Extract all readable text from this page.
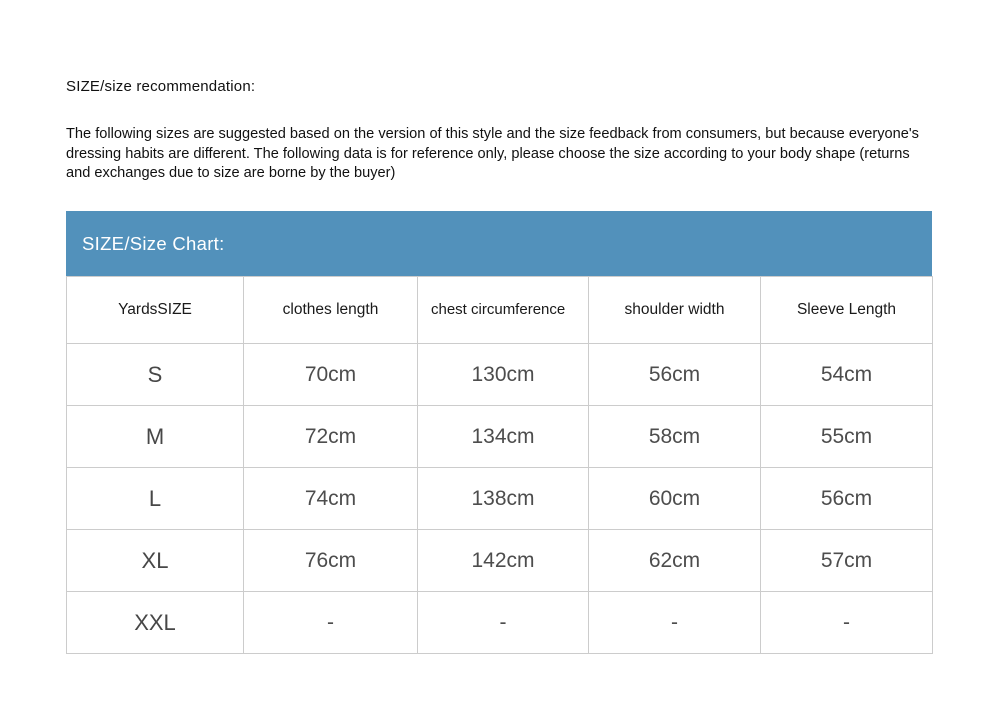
SIZE/size recommendation:

The following sizes are suggested based on the version of this style and the size feedback from consumers, but because everyone's dressing habits are different. The following data is for reference only, please choose the size according to your body shape (returns and exchanges due to size are borne by the buyer)

SIZE/Size Chart:
YardsSIZE	clothes length	chest circumference	shoulder width	Sleeve Length
S	70cm	130cm	56cm	54cm
M	72cm	134cm	58cm	55cm
L	74cm	138cm	60cm	56cm
XL	76cm	142cm	62cm	57cm
XXL	-	-	-	-
